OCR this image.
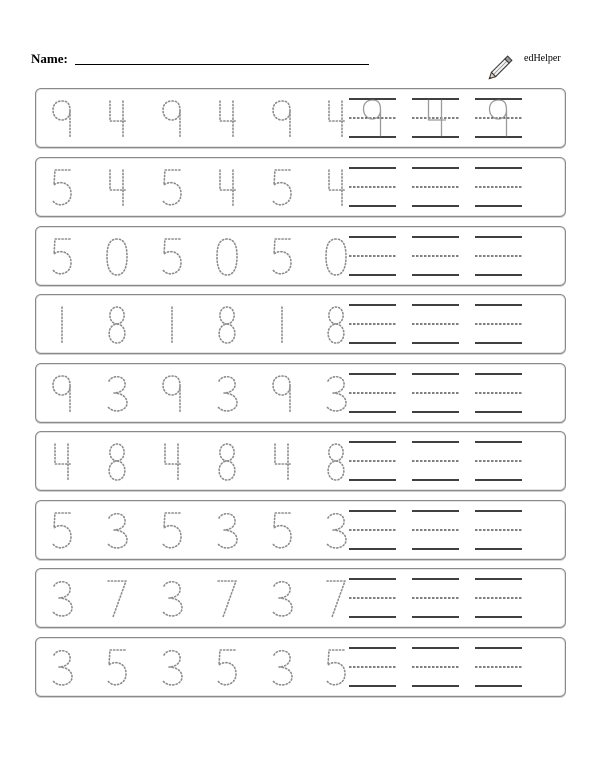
Name:	edHelper
